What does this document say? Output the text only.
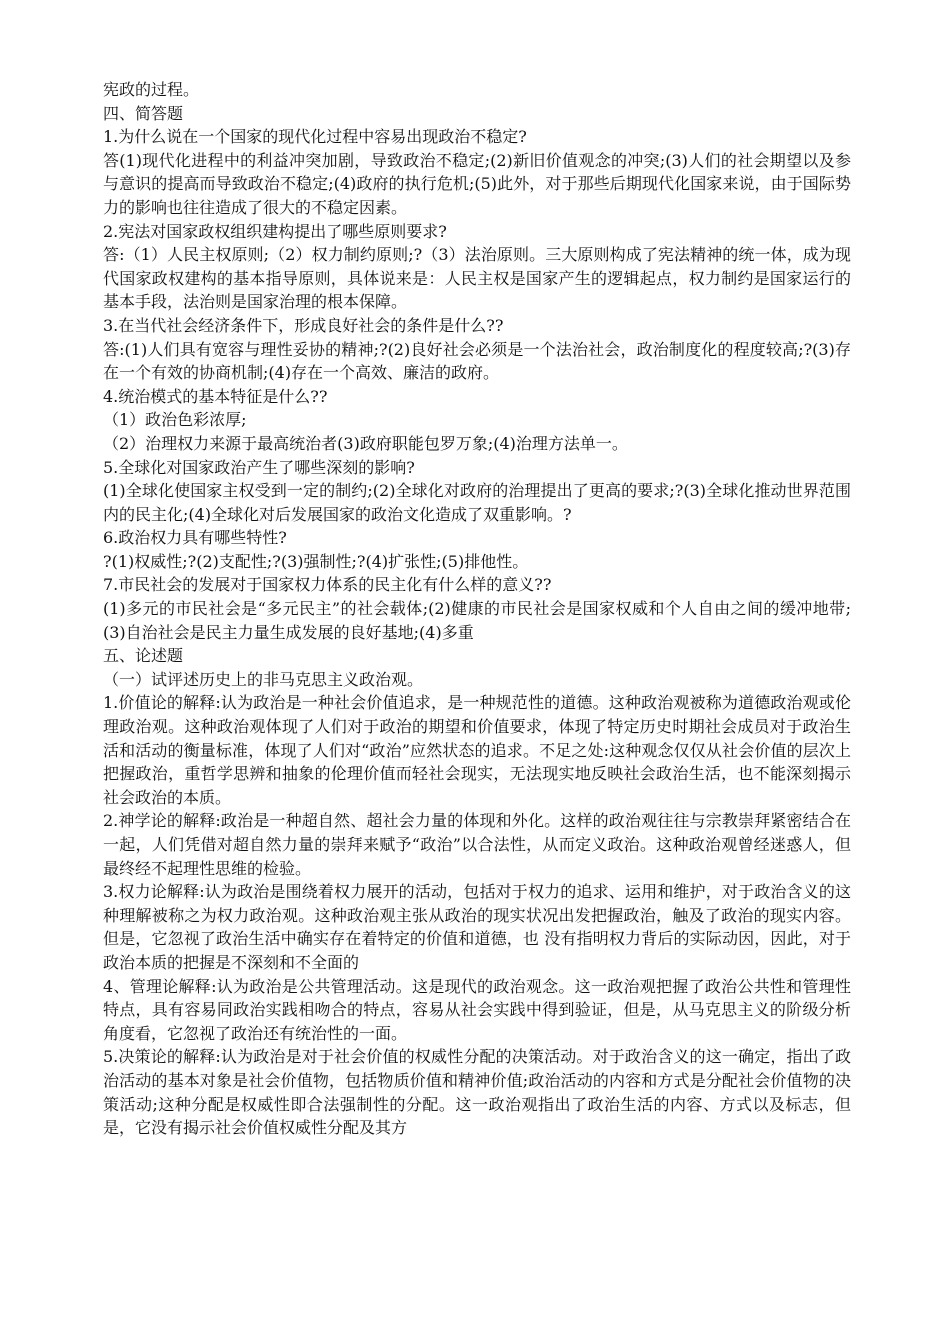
宪政的过程。

四、简答题

1.为什么说在一个国家的现代化过程中容易出现政治不稳定?

答(1)现代化进程中的利益冲突加剧，导致政治不稳定;(2)新旧价值观念的冲突;(3)人们的社会期望以及参与意识的提高而导致政治不稳定;(4)政府的执行危机;(5)此外，对于那些后期现代化国家来说，由于国际势力的影响也往往造成了很大的不稳定因素。

2.宪法对国家政权组织建构提出了哪些原则要求?

答:（1）人民主权原则;（2）权力制约原则;?（3）法治原则。三大原则构成了宪法精神的统一体，成为现代国家政权建构的基本指导原则，具体说来是：人民主权是国家产生的逻辑起点，权力制约是国家运行的基本手段，法治则是国家治理的根本保障。

3.在当代社会经济条件下，形成良好社会的条件是什么??

答:(1)人们具有宽容与理性妥协的精神;?(2)良好社会必须是一个法治社会，政治制度化的程度较高;?(3)存在一个有效的协商机制;(4)存在一个高效、廉洁的政府。

4.统治模式的基本特征是什么??

（1）政治色彩浓厚;

（2）治理权力来源于最高统治者(3)政府职能包罗万象;(4)治理方法单一。

5.全球化对国家政治产生了哪些深刻的影响?

(1)全球化使国家主权受到一定的制约;(2)全球化对政府的治理提出了更高的要求;?(3)全球化推动世界范围内的民主化;(4)全球化对后发展国家的政治文化造成了双重影响。?

6.政治权力具有哪些特性?

?(1)权威性;?(2)支配性;?(3)强制性;?(4)扩张性;(5)排他性。

7.市民社会的发展对于国家权力体系的民主化有什么样的意义??

(1)多元的市民社会是“多元民主”的社会载体;(2)健康的市民社会是国家权威和个人自由之间的缓冲地带;(3)自治社会是民主力量生成发展的良好基地;(4)多重

五、论述题

（一）试评述历史上的非马克思主义政治观。

1.价值论的解释:认为政治是一种社会价值追求，是一种规范性的道德。这种政治观被称为道德政治观或伦理政治观。这种政治观体现了人们对于政治的期望和价值要求，体现了特定历史时期社会成员对于政治生活和活动的衡量标准，体现了人们对“政治”应然状态的追求。不足之处:这种观念仅仅从社会价值的层次上把握政治，重哲学思辨和抽象的伦理价值而轻社会现实，无法现实地反映社会政治生活，也不能深刻揭示社会政治的本质。

2.神学论的解释:政治是一种超自然、超社会力量的体现和外化。这样的政治观往往与宗教崇拜紧密结合在一起，人们凭借对超自然力量的崇拜来赋予“政治”以合法性，从而定义政治。这种政治观曾经迷惑人，但最终经不起理性思维的检验。

3.权力论解释:认为政治是围绕着权力展开的活动，包括对于权力的追求、运用和维护，对于政治含义的这种理解被称之为权力政治观。这种政治观主张从政治的现实状况出发把握政治，触及了政治的现实内容。但是，它忽视了政治生活中确实存在着特定的价值和道德，也 没有指明权力背后的实际动因，因此，对于政治本质的把握是不深刻和不全面的

4、管理论解释:认为政治是公共管理活动。这是现代的政治观念。这一政治观把握了政治公共性和管理性特点，具有容易同政治实践相吻合的特点，容易从社会实践中得到验证，但是，从马克思主义的阶级分析角度看，它忽视了政治还有统治性的一面。

5.决策论的解释:认为政治是对于社会价值的权威性分配的决策活动。对于政治含义的这一确定，指出了政治活动的基本对象是社会价值物，包括物质价值和精神价值;政治活动的内容和方式是分配社会价值物的决策活动;这种分配是权威性即合法强制性的分配。这一政治观指出了政治生活的内容、方式以及标志，但是，它没有揭示社会价值权威性分配及其方
